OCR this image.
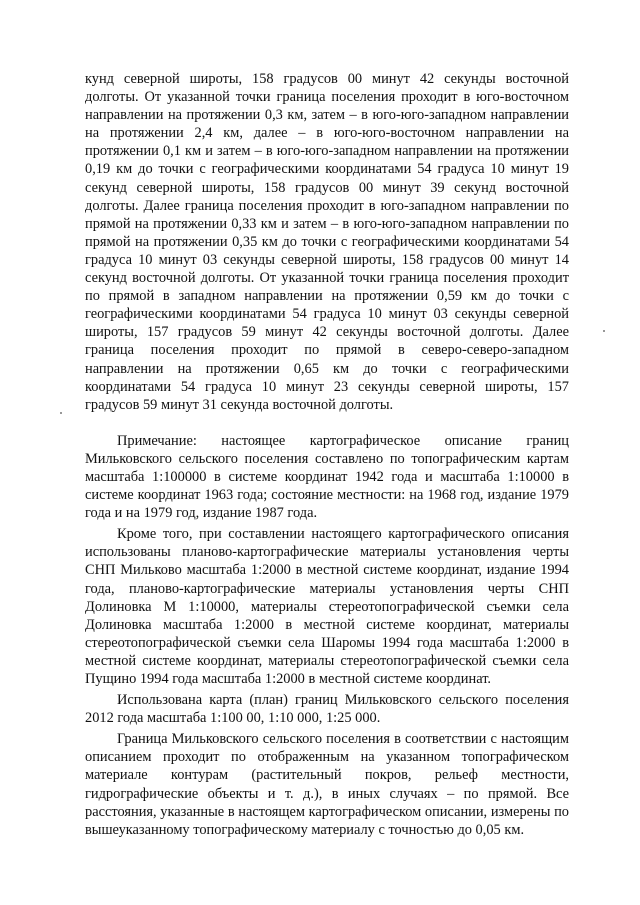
кунд северной широты, 158 градусов 00 минут 42 секунды восточной долготы. От указанной точки граница поселения проходит в юго-восточном направлении на протяжении 0,3 км, затем – в юго-юго-западном направлении на протяжении 2,4 км, далее – в юго-юго-восточном направлении на протяжении 0,1 км и затем – в юго-юго-западном направлении на протяжении 0,19 км до точки с географическими координатами 54 градуса 10 минут 19 секунд северной широты, 158 градусов 00 минут 39 секунд восточной долготы. Далее граница поселения проходит в юго-западном направлении по прямой на протяжении 0,33 км и затем – в юго-юго-западном направлении по прямой на протяжении 0,35 км до точки с географическими координатами 54 градуса 10 минут 03 секунды северной широты, 158 градусов 00 минут 14 секунд восточной долготы. От указанной точки граница поселения проходит по прямой в западном направлении на протяжении 0,59 км до точки с географическими координатами 54 градуса 10 минут 03 секунды северной широты, 157 градусов 59 минут 42 секунды восточной долготы. Далее граница поселения проходит по прямой в северо-северо-западном направлении на протяжении 0,65 км до точки с географическими координатами 54 градуса 10 минут 23 секунды северной широты, 157 градусов 59 минут 31 секунда восточной долготы.

Примечание: настоящее картографическое описание границ Мильковского сельского поселения составлено по топографическим картам масштаба 1:100000 в системе координат 1942 года и масштаба 1:10000 в системе координат 1963 года; состояние местности: на 1968 год, издание 1979 года и на 1979 год, издание 1987 года.

Кроме того, при составлении настоящего картографического описания использованы планово-картографические материалы установления черты СНП Мильково масштаба 1:2000 в местной системе координат, издание 1994 года, планово-картографические материалы установления черты СНП Долиновка М 1:10000, материалы стереотопографической съемки села Долиновка масштаба 1:2000 в местной системе координат, материалы стереотопографической съемки села Шаромы 1994 года масштаба 1:2000 в местной системе координат, материалы стереотопографической съемки села Пущино 1994 года масштаба 1:2000 в местной системе координат.

Использована карта (план) границ Мильковского сельского поселения 2012 года масштаба 1:100 00, 1:10 000, 1:25 000.

Граница Мильковского сельского поселения в соответствии с настоящим описанием проходит по отображенным на указанном топографическом материале контурам (растительный покров, рельеф местности, гидрографические объекты и т. д.), в иных случаях – по прямой. Все расстояния, указанные в настоящем картографическом описании, измерены по вышеуказанному топографическому материалу с точностью до 0,05 км.
